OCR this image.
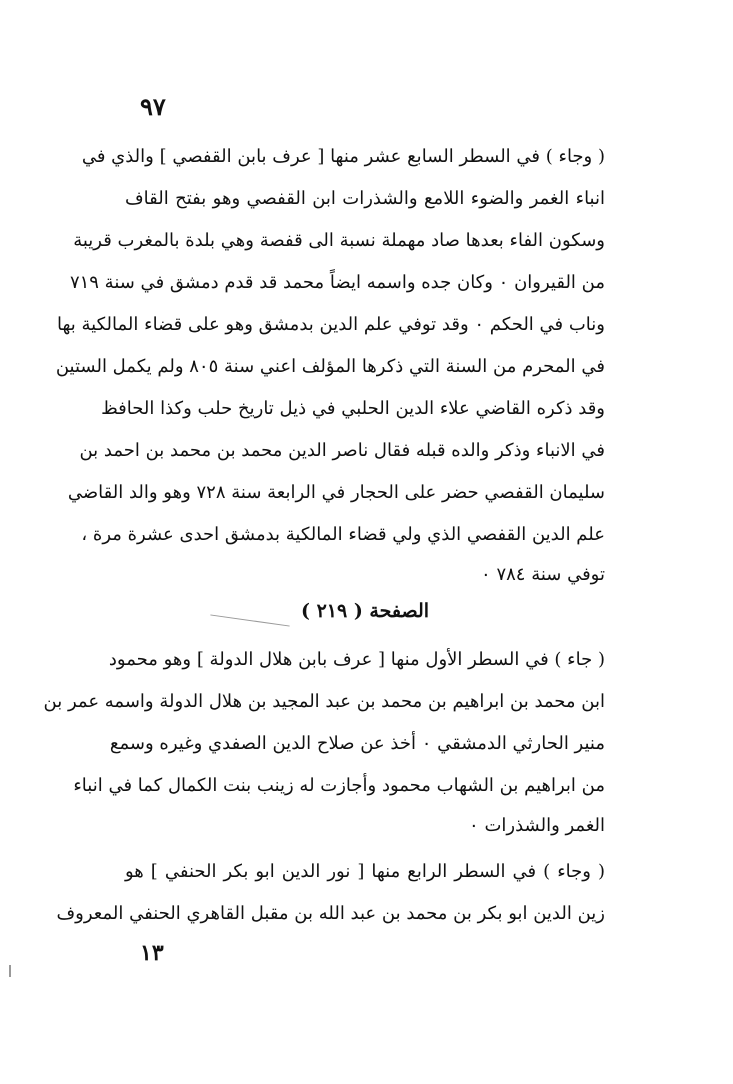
٩٧
( وجاء ) في السطر السابع عشر منها [ عرف بابن القفصي ] والذي في
انباء الغمر والضوء اللامع والشذرات ابن القفصي وهو بفتح القاف
وسكون الفاء بعدها صاد مهملة نسبة الى قفصة وهي بلدة بالمغرب قريبة
من القيروان ٠ وكان جده واسمه ايضاً محمد قد قدم دمشق في سنة ٧١٩
وناب في الحكم ٠ وقد توفي علم الدين بدمشق وهو على قضاء المالكية بها
في المحرم من السنة التي ذكرها المؤلف اعني سنة ٨٠٥ ولم يكمل الستين
وقد ذكره القاضي علاء الدين الحلبي في ذيل تاريخ حلب وكذا الحافظ
في الانباء وذكر والده قبله فقال ناصر الدين محمد بن محمد بن احمد بن
سليمان القفصي حضر على الحجار في الرابعة سنة ٧٢٨ وهو والد القاضي
علم الدين القفصي الذي ولي قضاء المالكية بدمشق احدى عشرة مرة ،
توفي سنة ٧٨٤ ٠
الصفحة ( ٢١٩ )
( جاء ) في السطر الأول منها [ عرف بابن هلال الدولة ] وهو محمود
ابن محمد بن ابراهيم بن محمد بن عبد المجيد بن هلال الدولة واسمه عمر بن
منير الحارثي الدمشقي ٠ أخذ عن صلاح الدين الصفدي وغيره وسمع
من ابراهيم بن الشهاب محمود وأجازت له زينب بنت الكمال كما في انباء
الغمر والشذرات ٠
( وجاء ) في السطر الرابع منها [ نور الدين ابو بكر الحنفي ] هو
زين الدين ابو بكر بن محمد بن عبد الله بن مقبل القاهري الحنفي المعروف
١٣
